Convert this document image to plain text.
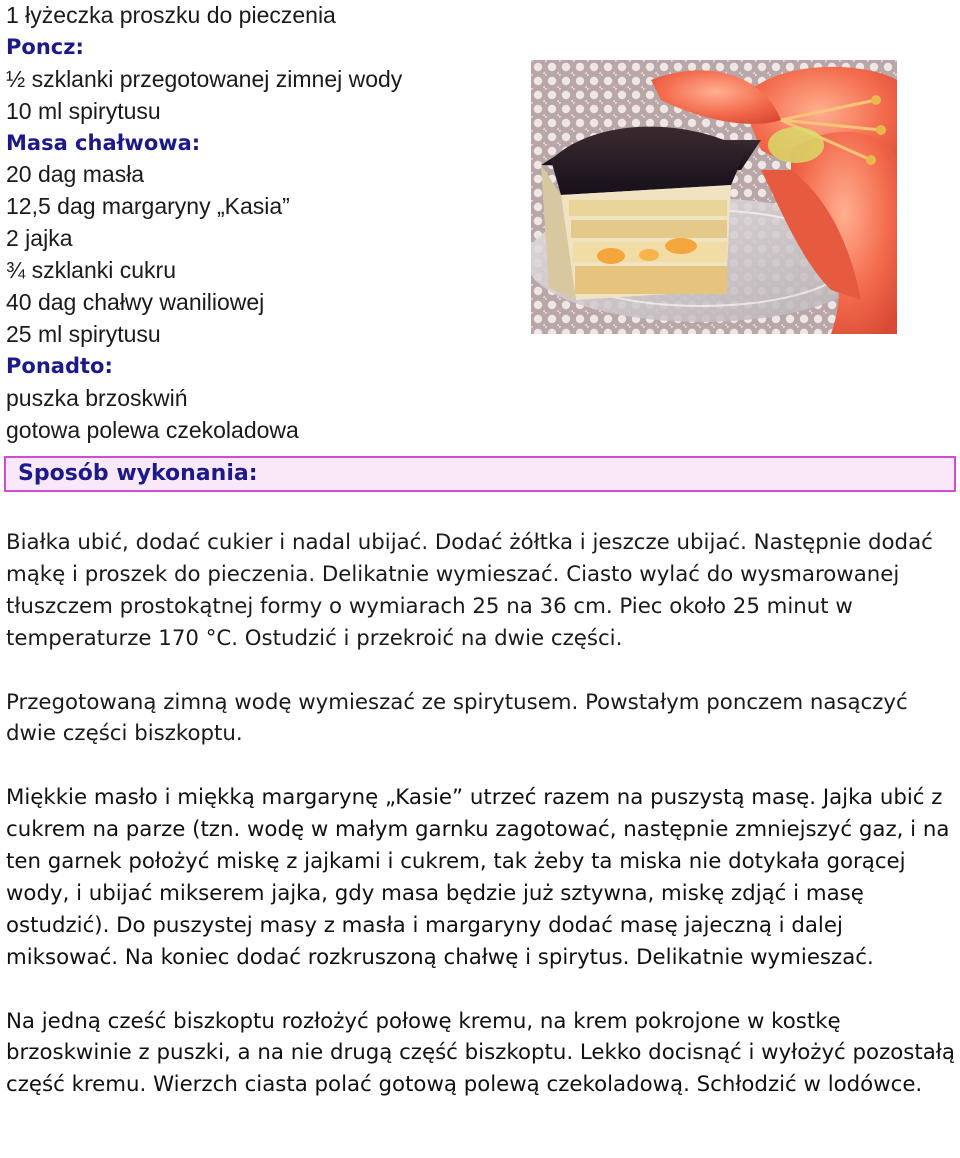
1 łyżeczka proszku do pieczenia
Poncz:
½ szklanki przegotowanej zimnej wody
10 ml spirytusu
Masa chałwowa:
20 dag masła
12,5 dag margaryny „Kasia”
2 jajka
¾ szklanki cukru
40 dag chałwy waniliowej
25 ml spirytusu
Ponadto:
puszka brzoskwiń
gotowa polewa czekoladowa
Sposób wykonania:
Białka ubić, dodać cukier i nadal ubijać. Dodać żółtka i jeszcze ubijać. Następnie dodać mąkę i proszek do pieczenia. Delikatnie wymieszać. Ciasto wylać do wysmarowanej tłuszczem prostokątnej formy o wymiarach 25 na 36 cm. Piec około 25 minut w temperaturze 170 °C. Ostudzić i przekroić na dwie części.
Przegotowaną zimną wodę wymieszać ze spirytusem. Powstałym ponczem nasączyć dwie części biszkoptu.
Miękkie masło i miękką margarynę „Kasie” utrzeć razem na puszystą masę. Jajka ubić z cukrem na parze (tzn. wodę w małym garnku zagotować, następnie zmniejszyć gaz, i na ten garnek położyć miskę z jajkami i cukrem, tak żeby ta miska nie dotykała gorącej wody, i ubijać mikserem jajka, gdy masa będzie już sztywna, miskę zdjąć i masę ostudzić). Do puszystej masy z masła i margaryny dodać masę jajeczną i dalej miksować. Na koniec dodać rozkruszoną chałwę i spirytus. Delikatnie wymieszać.
Na jedną cześć biszkoptu rozłożyć połowę kremu, na krem pokrojone w kostkę brzoskwinie z puszki, a na nie drugą część biszkoptu. Lekko docisnąć i wyłożyć pozostałą część kremu. Wierzch ciasta polać gotową polewą czekoladową. Schłodzić w lodówce.
